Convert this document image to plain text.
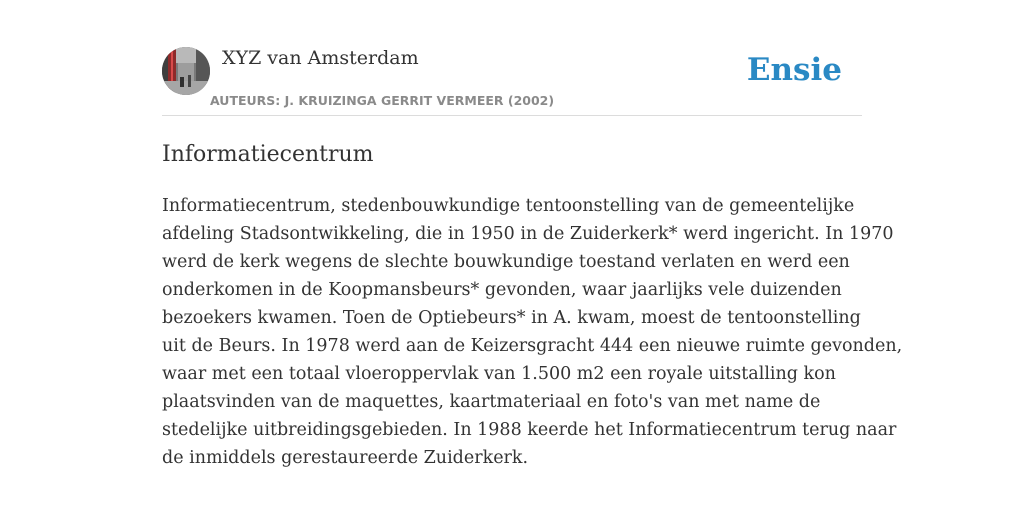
XYZ van Amsterdam
AUTEURS: J. KRUIZINGA GERRIT VERMEER (2002)
Ensie
Informatiecentrum
Informatiecentrum, stedenbouwkundige tentoonstelling van de gemeentelijke
afdeling Stadsontwikkeling, die in 1950 in de Zuiderkerk* werd ingericht. In 1970
werd de kerk wegens de slechte bouwkundige toestand verlaten en werd een
onderkomen in de Koopmansbeurs* gevonden, waar jaarlijks vele duizenden
bezoekers kwamen. Toen de Optiebeurs* in A. kwam, moest de tentoonstelling
uit de Beurs. In 1978 werd aan de Keizersgracht 444 een nieuwe ruimte gevonden,
waar met een totaal vloeroppervlak van 1.500 m2 een royale uitstalling kon
plaatsvinden van de maquettes, kaartmateriaal en foto's van met name de
stedelijke uitbreidingsgebieden. In 1988 keerde het Informatiecentrum terug naar
de inmiddels gerestaureerde Zuiderkerk.
